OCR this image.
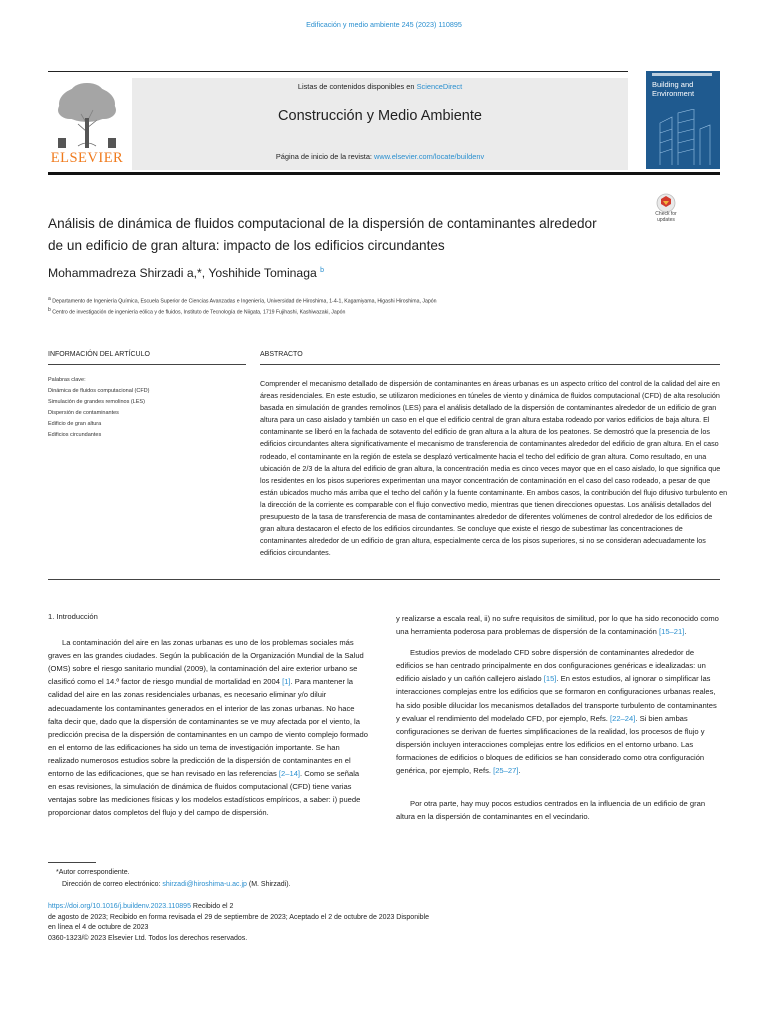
Edificación y medio ambiente 245 (2023) 110895
ELSEVIER
Listas de contenidos disponibles en ScienceDirect
Construcción y Medio Ambiente
Página de inicio de la revista: www.elsevier.com/locate/buildenv
Building and
Environment
Check for
updates
Análisis de dinámica de fluidos computacional de la dispersión de contaminantes alrededor
de un edificio de gran altura: impacto de los edificios circundantes
Mohammadreza Shirzadi a,*, Yoshihide Tominaga $^b$
$^a$ Departamento de Ingeniería Química, Escuela Superior de Ciencias Avanzadas e Ingeniería, Universidad de Hiroshima, 1-4-1, Kagamiyama, Higashi Hiroshima, Japón
$^b$ Centro de investigación de ingeniería eólica y de fluidos, Instituto de Tecnología de Niigata, 1719 Fujihashi, Kashiwazaki, Japón
INFORMACIÓN DEL ARTÍCULO	ABSTRACTO
Palabras clave:
Dinámica de fluidos computacional (CFD)
Simulación de grandes remolinos (LES)
Dispersión de contaminantes
Edificio de gran altura
Edificios circundantes
Comprender el mecanismo detallado de dispersión de contaminantes en áreas urbanas es un aspecto crítico del control de la calidad del aire en áreas residenciales. En este estudio, se utilizaron mediciones en túneles de viento y dinámica de fluidos computacional (CFD) de alta resolución basada en simulación de grandes remolinos (LES) para el análisis detallado de la dispersión de contaminantes alrededor de un edificio de gran altura para un caso aislado y también un caso en el que el edificio central de gran altura estaba rodeado por varios edificios de baja altura. El contaminante se liberó en la fachada de sotavento del edificio de gran altura a la altura de los peatones. Se demostró que la presencia de los edificios circundantes altera significativamente el mecanismo de transferencia de contaminantes alrededor del edificio de gran altura. En el caso rodeado, el contaminante en la región de estela se desplazó verticalmente hacia el techo del edificio de gran altura. Como resultado, en una ubicación de 2/3 de la altura del edificio de gran altura, la concentración media es cinco veces mayor que en el caso aislado, lo que significa que los residentes en los pisos superiores experimentan una mayor concentración de contaminación en el caso del caso rodeado, a pesar de que están ubicados mucho más arriba que el techo del cañón y la fuente contaminante. En ambos casos, la contribución del flujo difusivo turbulento en la dirección de la corriente es comparable con el flujo convectivo medio, mientras que tienen direcciones opuestas. Los análisis detallados del presupuesto de la tasa de transferencia de masa de contaminantes alrededor de diferentes volúmenes de control alrededor de los edificios de gran altura destacaron el efecto de los edificios circundantes. Se concluye que existe el riesgo de subestimar las concentraciones de contaminantes alrededor de un edificio de gran altura, especialmente cerca de los pisos superiores, si no se consideran adecuadamente los edificios circundantes.

1. Introducción

La contaminación del aire en las zonas urbanas es uno de los problemas sociales más graves en las grandes ciudades. Según la publicación de la Organización Mundial de la Salud (OMS) sobre el riesgo sanitario mundial (2009), la contaminación del aire exterior urbano se clasificó como el 14.º factor de riesgo mundial de mortalidad en 2004 [1]. Para mantener la calidad del aire en las zonas residenciales urbanas, es necesario eliminar y/o diluir adecuadamente los contaminantes generados en el interior de las zonas urbanas. No hace falta decir que, dado que la dispersión de contaminantes se ve muy afectada por el viento, la predicción precisa de la dispersión de contaminantes en un campo de viento complejo formado en el entorno de las edificaciones ha sido un tema de investigación importante. Se han realizado numerosos estudios sobre la predicción de la dispersión de contaminantes en el entorno de las edificaciones, que se han revisado en las referencias [2–14]. Como se señala en esas revisiones, la simulación de dinámica de fluidos computacional (CFD) tiene varias ventajas sobre las mediciones físicas y los modelos estadísticos empíricos, a saber: i) puede proporcionar datos completos del flujo y del campo de dispersión.

y realizarse a escala real, ii) no sufre requisitos de similitud, por lo que ha sido reconocido como una herramienta poderosa para problemas de dispersión de la contaminación [15–21].

Estudios previos de modelado CFD sobre dispersión de contaminantes alrededor de edificios se han centrado principalmente en dos configuraciones genéricas e idealizadas: un edificio aislado y un cañón callejero aislado [15]. En estos estudios, al ignorar o simplificar las interacciones complejas entre los edificios que se formaron en configuraciones urbanas reales, ha sido posible dilucidar los mecanismos detallados del transporte turbulento de contaminantes y evaluar el rendimiento del modelado CFD, por ejemplo, Refs. [22–24]. Si bien ambas configuraciones se derivan de fuertes simplificaciones de la realidad, los procesos de flujo y dispersión incluyen interacciones complejas entre los edificios en el entorno urbano. Las formaciones de edificios o bloques de edificios se han considerado como otra configuración genérica, por ejemplo, Refs. [25–27].

Por otra parte, hay muy pocos estudios centrados en la influencia de un edificio de gran altura en la dispersión de contaminantes en el vecindario.

*Autor correspondiente.
Dirección de correo electrónico: shirzadi@hiroshima-u.ac.jp (M. Shirzadi).
https://doi.org/10.1016/j.buildenv.2023.110895 Recibido el 2
de agosto de 2023; Recibido en forma revisada el 29 de septiembre de 2023; Aceptado el 2 de octubre de 2023 Disponible
en línea el 4 de octubre de 2023
0360-1323/© 2023 Elsevier Ltd. Todos los derechos reservados.
